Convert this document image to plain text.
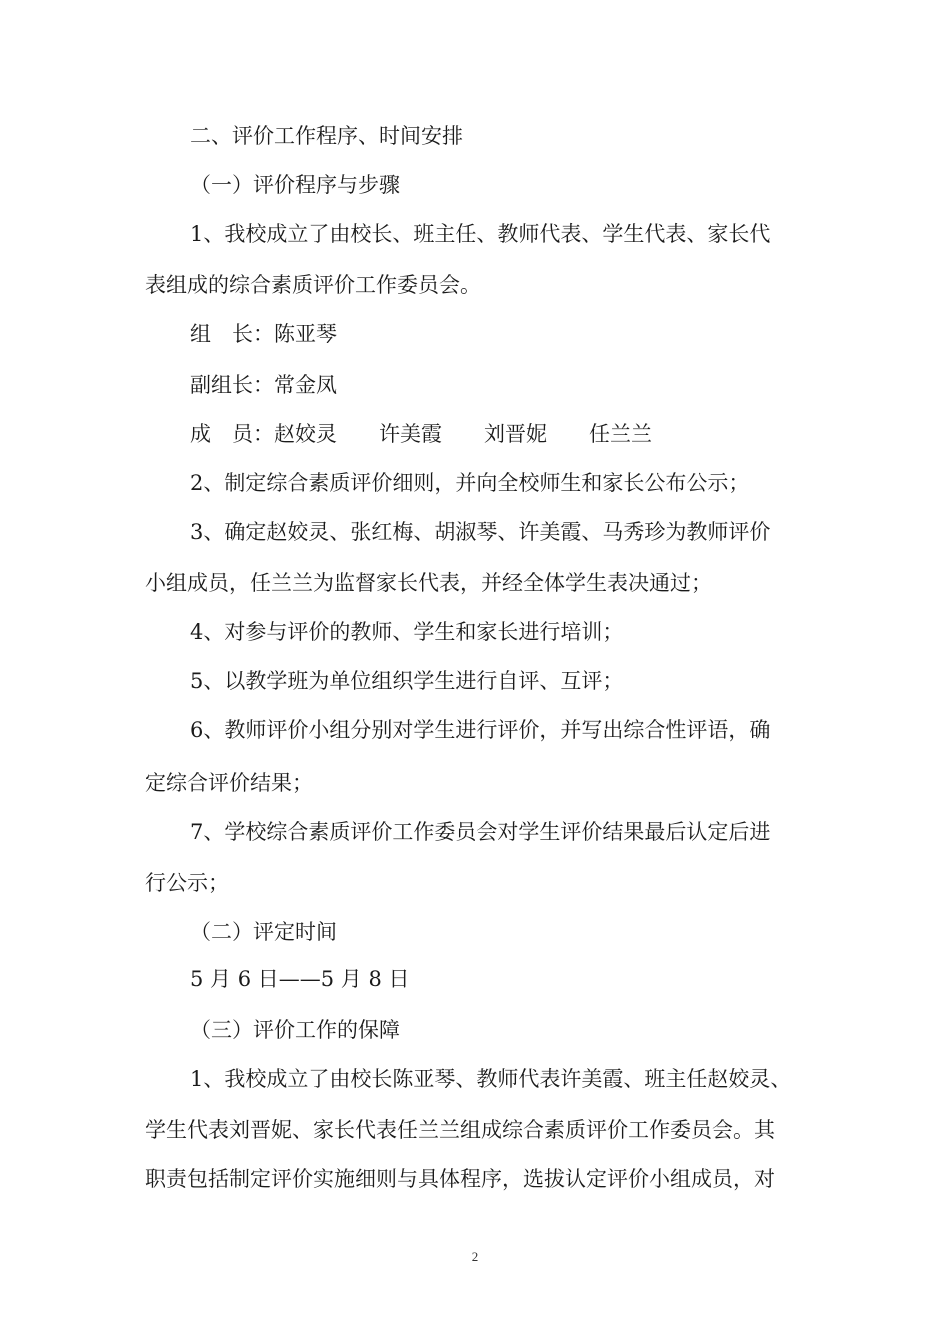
二、评价工作程序、时间安排

（一）评价程序与步骤

1、我校成立了由校长、班主任、教师代表、学生代表、家长代

表组成的综合素质评价工作委员会。

组　长：陈亚琴

副组长：常金凤

成　员：赵姣灵　　许美霞　　刘晋妮　　任兰兰

2、制定综合素质评价细则，并向全校师生和家长公布公示；

3、确定赵姣灵、张红梅、胡淑琴、许美霞、马秀珍为教师评价

小组成员，任兰兰为监督家长代表，并经全体学生表决通过；

4、对参与评价的教师、学生和家长进行培训；

5、以教学班为单位组织学生进行自评、互评；

6、教师评价小组分别对学生进行评价，并写出综合性评语，确

定综合评价结果；

7、学校综合素质评价工作委员会对学生评价结果最后认定后进

行公示；

（二）评定时间

5 月 6 日——5 月 8 日

（三）评价工作的保障

1、我校成立了由校长陈亚琴、教师代表许美霞、班主任赵姣灵、

学生代表刘晋妮、家长代表任兰兰组成综合素质评价工作委员会。其

职责包括制定评价实施细则与具体程序，选拔认定评价小组成员，对

2
